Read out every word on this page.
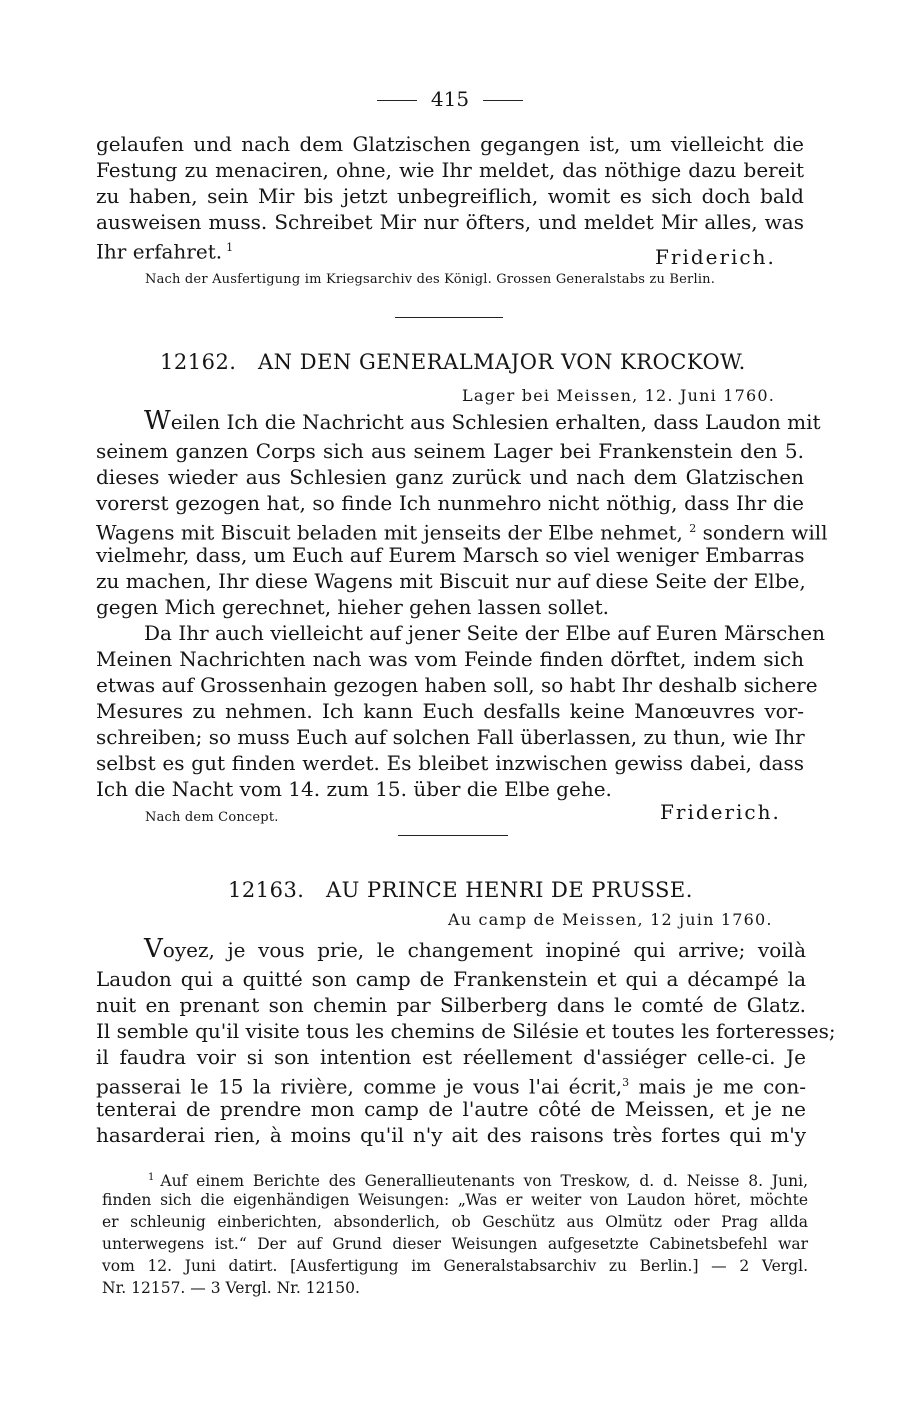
415
gelaufen und nach dem Glatzischen gegangen ist, um vielleicht die
Festung zu menaciren, ohne, wie Ihr meldet, das nöthige dazu bereit
zu haben, sein Mir bis jetzt unbegreiflich, womit es sich doch bald
ausweisen muss. Schreibet Mir nur öfters, und meldet Mir alles, was
Ihr erfahret. $^1$	Friderich.
Nach der Ausfertigung im Kriegsarchiv des Königl. Grossen Generalstabs zu Berlin.
12162. AN DEN GENERALMAJOR VON KROCKOW.
Lager bei Meissen, 12. Juni 1760.
Weilen Ich die Nachricht aus Schlesien erhalten, dass Laudon mit
seinem ganzen Corps sich aus seinem Lager bei Frankenstein den 5.
dieses wieder aus Schlesien ganz zurück und nach dem Glatzischen
vorerst gezogen hat, so finde Ich nunmehro nicht nöthig, dass Ihr die
Wagens mit Biscuit beladen mit jenseits der Elbe nehmet, $^2$ sondern will
vielmehr, dass, um Euch auf Eurem Marsch so viel weniger Embarras
zu machen, Ihr diese Wagens mit Biscuit nur auf diese Seite der Elbe,
gegen Mich gerechnet, hieher gehen lassen sollet.
Da Ihr auch vielleicht auf jener Seite der Elbe auf Euren Märschen
Meinen Nachrichten nach was vom Feinde finden dörftet, indem sich
etwas auf Grossenhain gezogen haben soll, so habt Ihr deshalb sichere
Mesures zu nehmen. Ich kann Euch desfalls keine Manœuvres vor-
schreiben; so muss Euch auf solchen Fall überlassen, zu thun, wie Ihr
selbst es gut finden werdet. Es bleibet inzwischen gewiss dabei, dass
Ich die Nacht vom 14. zum 15. über die Elbe gehe.
Nach dem Concept.	Friderich.
12163. AU PRINCE HENRI DE PRUSSE.
Au camp de Meissen, 12 juin 1760.
Voyez, je vous prie, le changement inopiné qui arrive; voilà
Laudon qui a quitté son camp de Frankenstein et qui a décampé la
nuit en prenant son chemin par Silberberg dans le comté de Glatz.
Il semble qu'il visite tous les chemins de Silésie et toutes les forteresses;
il faudra voir si son intention est réellement d'assiéger celle-ci. Je
passerai le 15 la rivière, comme je vous l'ai écrit,$^3$ mais je me con-
tenterai de prendre mon camp de l'autre côté de Meissen, et je ne
hasarderai rien, à moins qu'il n'y ait des raisons très fortes qui m'y
$^1$ Auf einem Berichte des Generallieutenants von Treskow, d. d. Neisse 8. Juni,
finden sich die eigenhändigen Weisungen: „Was er weiter von Laudon höret, möchte
er schleunig einberichten, absonderlich, ob Geschütz aus Olmütz oder Prag allda
unterwegens ist.“ Der auf Grund dieser Weisungen aufgesetzte Cabinetsbefehl war
vom 12. Juni datirt. [Ausfertigung im Generalstabsarchiv zu Berlin.] — 2 Vergl.
Nr. 12157. — 3 Vergl. Nr. 12150.
